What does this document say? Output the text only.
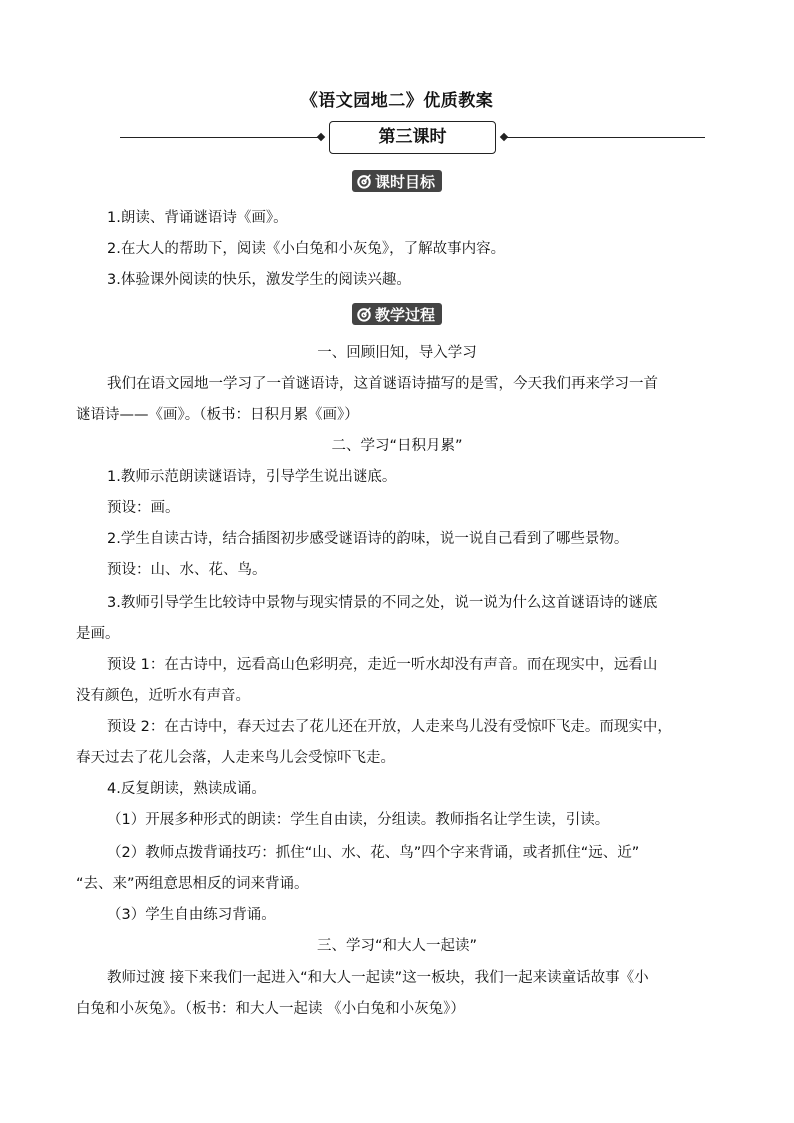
《语文园地二》优质教案
第三课时
课时目标
1.朗读、背诵谜语诗《画》。
2.在大人的帮助下，阅读《小白兔和小灰兔》，了解故事内容。
3.体验课外阅读的快乐，激发学生的阅读兴趣。
教学过程
一、回顾旧知，导入学习
我们在语文园地一学习了一首谜语诗，这首谜语诗描写的是雪，今天我们再来学习一首
谜语诗——《画》。（板书：日积月累《画》）
二、学习“日积月累”
1.教师示范朗读谜语诗，引导学生说出谜底。
预设：画。
2.学生自读古诗，结合插图初步感受谜语诗的韵味，说一说自己看到了哪些景物。
预设：山、水、花、鸟。
3.教师引导学生比较诗中景物与现实情景的不同之处，说一说为什么这首谜语诗的谜底
是画。
预设 1：在古诗中，远看高山色彩明亮，走近一听水却没有声音。而在现实中，远看山
没有颜色，近听水有声音。
预设 2：在古诗中，春天过去了花儿还在开放，人走来鸟儿没有受惊吓飞走。而现实中，
春天过去了花儿会落，人走来鸟儿会受惊吓飞走。
4.反复朗读，熟读成诵。
（1）开展多种形式的朗读：学生自由读，分组读。教师指名让学生读，引读。
（2）教师点拨背诵技巧：抓住“山、水、花、鸟”四个字来背诵，或者抓住“远、近”
“去、来”两组意思相反的词来背诵。
（3）学生自由练习背诵。
三、学习“和大人一起读”
教师过渡 接下来我们一起进入“和大人一起读”这一板块，我们一起来读童话故事《小
白兔和小灰兔》。（板书：和大人一起读 《小白兔和小灰兔》）
